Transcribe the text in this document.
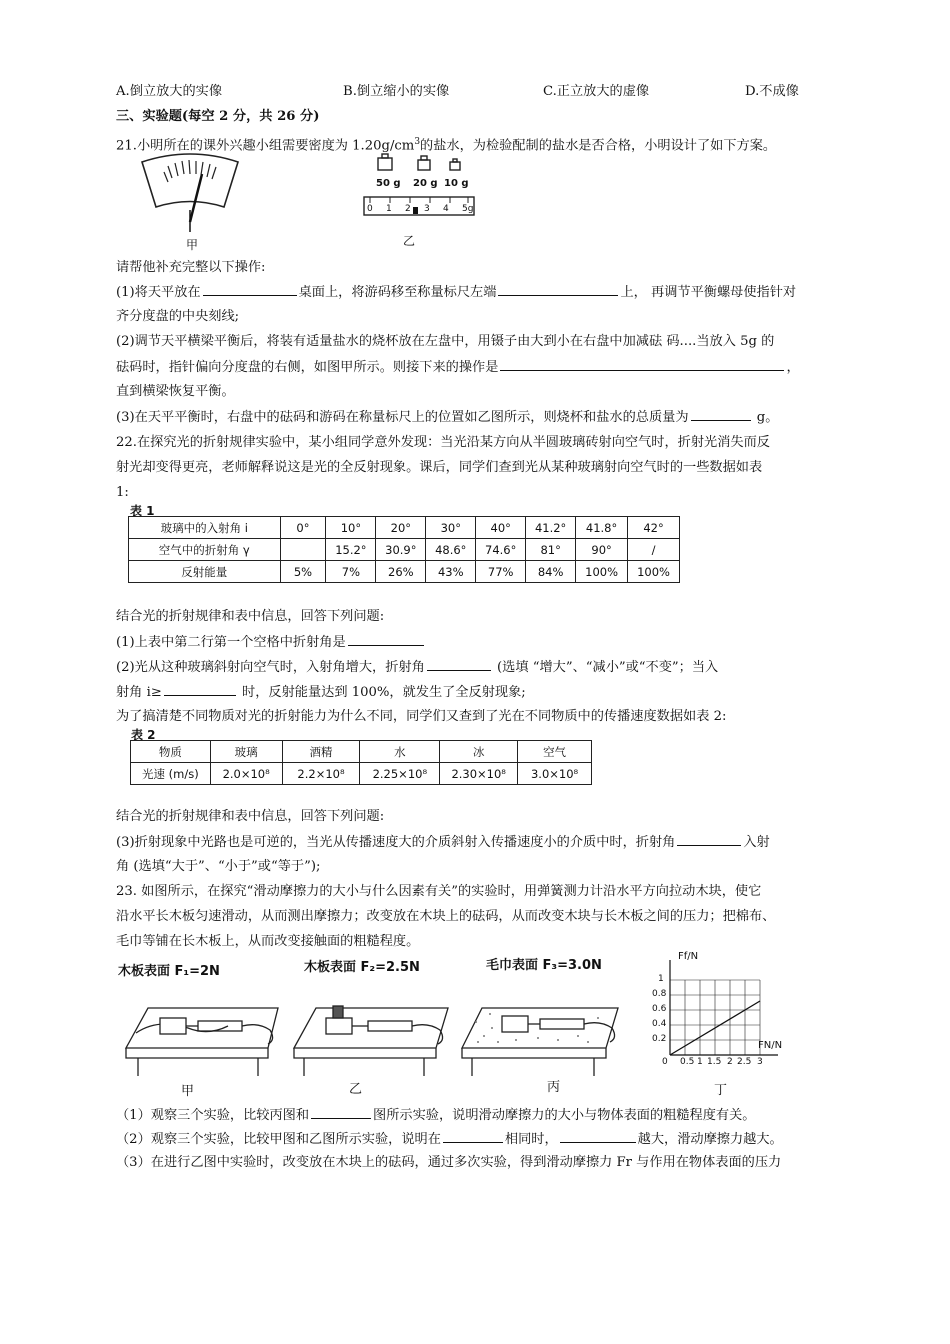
A.倒立放大的实像	B.倒立缩小的实像	C.正立放大的虚像	D.不成像
三、实验题(每空 2 分，共 26 分)
21.小明所在的课外兴趣小组需要密度为 $1.20g/cm^3$的盐水，为检验配制的盐水是否合格，小明设计了如下方案。
甲
50 g 20 g 10 g
0 1 2 3 4 5g
乙
请帮他补充完整以下操作:
(1)将天平放在	桌面上，将游码移至称量标尺左端	上， 再调节平衡螺母使指针对
齐分度盘的中央刻线;
(2)调节天平横梁平衡后，将装有适量盐水的烧杯放在左盘中，用镊子由大到小在右盘中加减砝 码....当放入 5g 的
砝码时，指针偏向分度盘的右侧，如图甲所示。则接下来的操作是	，
直到横梁恢复平衡。
(3)在天平平衡时，右盘中的砝码和游码在称量标尺上的位置如乙图所示，则烧杯和盐水的总质量为	g。
22.在探究光的折射规律实验中，某小组同学意外发现：当光沿某方向从半圆玻璃砖射向空气时，折射光消失而反
射光却变得更亮，老师解释说这是光的全反射现象。课后，同学们查到光从某种玻璃射向空气时的一些数据如表
1:
表 1
玻璃中的入射角 i	0°	10°	20°	30°	40°	41.2°	41.8°	42°
空气中的折射角 γ		15.2°	30.9°	48.6°	74.6°	81°	90°	/
反射能量	5%	7%	26%	43%	77%	84%	100%	100%
结合光的折射规律和表中信息，回答下列问题:
(1)上表中第二行第一个空格中折射角是
(2)光从这种玻璃斜射向空气时，入射角增大，折射角	(选填 “增大”、“减小”或“不变”；当入
射角 i≥	时，反射能量达到 100%，就发生了全反射现象;
为了搞清楚不同物质对光的折射能力为什么不同，同学们又查到了光在不同物质中的传播速度数据如表 2:
表 2
物质	玻璃	酒精	水	冰	空气
光速 (m/s)	2.0×10⁸	2.2×10⁸	2.25×10⁸	2.30×10⁸	3.0×10⁸
结合光的折射规律和表中信息，回答下列问题:
(3)折射现象中光路也是可逆的，当光从传播速度大的介质斜射入传播速度小的介质中时，折射角	入射
角 (选填“大于”、“小于”或“等于”);
23. 如图所示，在探究“滑动摩擦力的大小与什么因素有关”的实验时，用弹簧测力计沿水平方向拉动木块，使它
沿水平长木板匀速滑动，从而测出摩擦力；改变放在木块上的砝码，从而改变木块与长木板之间的压力；把棉布、
毛巾等铺在长木板上，从而改变接触面的粗糙程度。
木板表面 F₁=2N	木板表面 F₂=2.5N	毛巾表面 F₃=3.0N
甲	乙	丙	丁
Ff/N
FN/N
1
0.8
0.6
0.4
0.2
0 0.5 1 1.5 2 2.5 3
（1）观察三个实验，比较丙图和	图所示实验，说明滑动摩擦力的大小与物体表面的粗糙程度有关。
（2）观察三个实验，比较甲图和乙图所示实验，说明在	相同时，	越大，滑动摩擦力越大。
（3）在进行乙图中实验时，改变放在木块上的砝码，通过多次实验，得到滑动摩擦力 Fr 与作用在物体表面的压力
